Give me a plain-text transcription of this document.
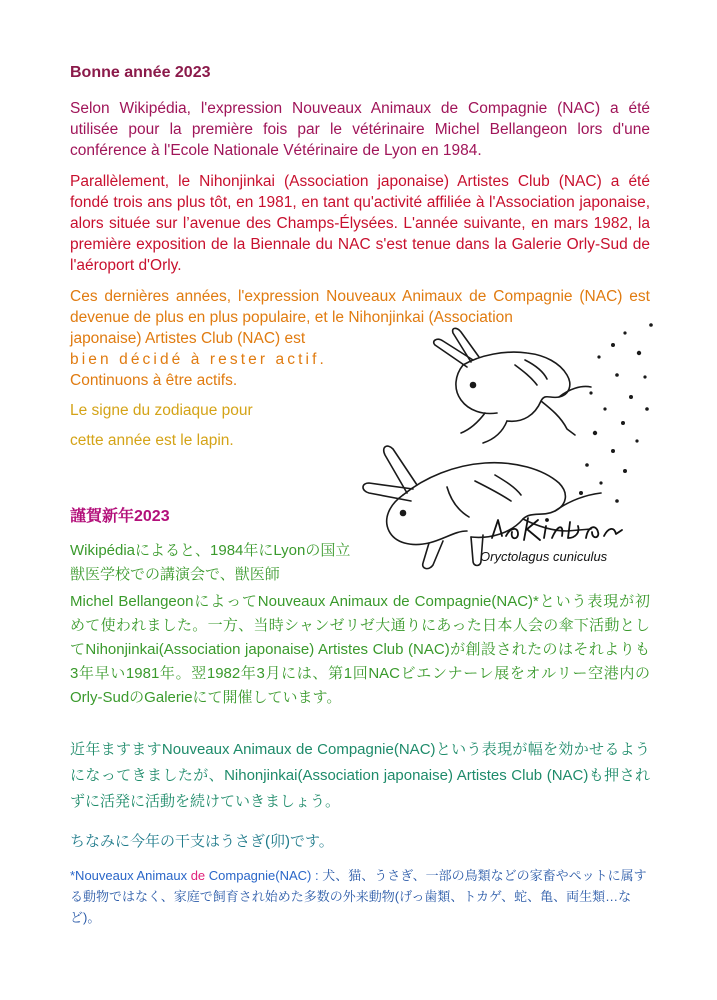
Bonne année 2023

Selon Wikipédia, l'expression Nouveaux Animaux de Compagnie (NAC) a été utilisée pour la première fois par le vétérinaire Michel Bellangeon lors d'une conférence à l'Ecole Nationale Vétérinaire de Lyon en 1984.

Parallèlement, le Nihonjinkai (Association japonaise) Artistes Club (NAC) a été fondé trois ans plus tôt, en 1981, en tant qu'activité affiliée à l'Association japonaise, alors située sur l’avenue des Champs-Élysées. L'année suivante, en mars 1982, la première exposition de la Biennale du NAC s'est tenue dans la Galerie Orly-Sud de l'aéroport d'Orly.

Ces dernières années, l'expression Nouveaux Animaux de Compagnie (NAC) est devenue de plus en plus populaire, et le Nihonjinkai (Association

japonaise) Artistes Club (NAC) est
bien décidé à rester actif.
Continuons à être actifs.

Le signe du zodiaque pour

cette année est le lapin.

Oryctolagus cuniculus

謹賀新年2023

Wikipédiaによると、1984年にLyonの国立獣医学校での講演会で、獣医師

Michel BellangeonによってNouveaux Animaux de Compagnie(NAC)*という表現が初めて使われました。一方、当時シャンゼリゼ大通りにあった日本人会の傘下活動としてNihonjinkai(Association japonaise) Artistes Club (NAC)が創設されたのはそれよりも3年早い1981年。翌1982年3月には、第1回NACビエンナーレ展をオルリー空港内のOrly-SudのGalerieにて開催しています。

近年ますますNouveaux Animaux de Compagnie(NAC)という表現が幅を効かせるようになってきましたが、Nihonjinkai(Association japonaise) Artistes Club (NAC)も押されずに活発に活動を続けていきましょう。

ちなみに今年の干支はうさぎ(卯)です。

*Nouveaux Animaux de Compagnie(NAC) : 犬、猫、うさぎ、一部の鳥類などの家畜やペットに属する動物ではなく、家庭で飼育され始めた多数の外来動物(げっ歯類、トカゲ、蛇、亀、両生類…など)。
